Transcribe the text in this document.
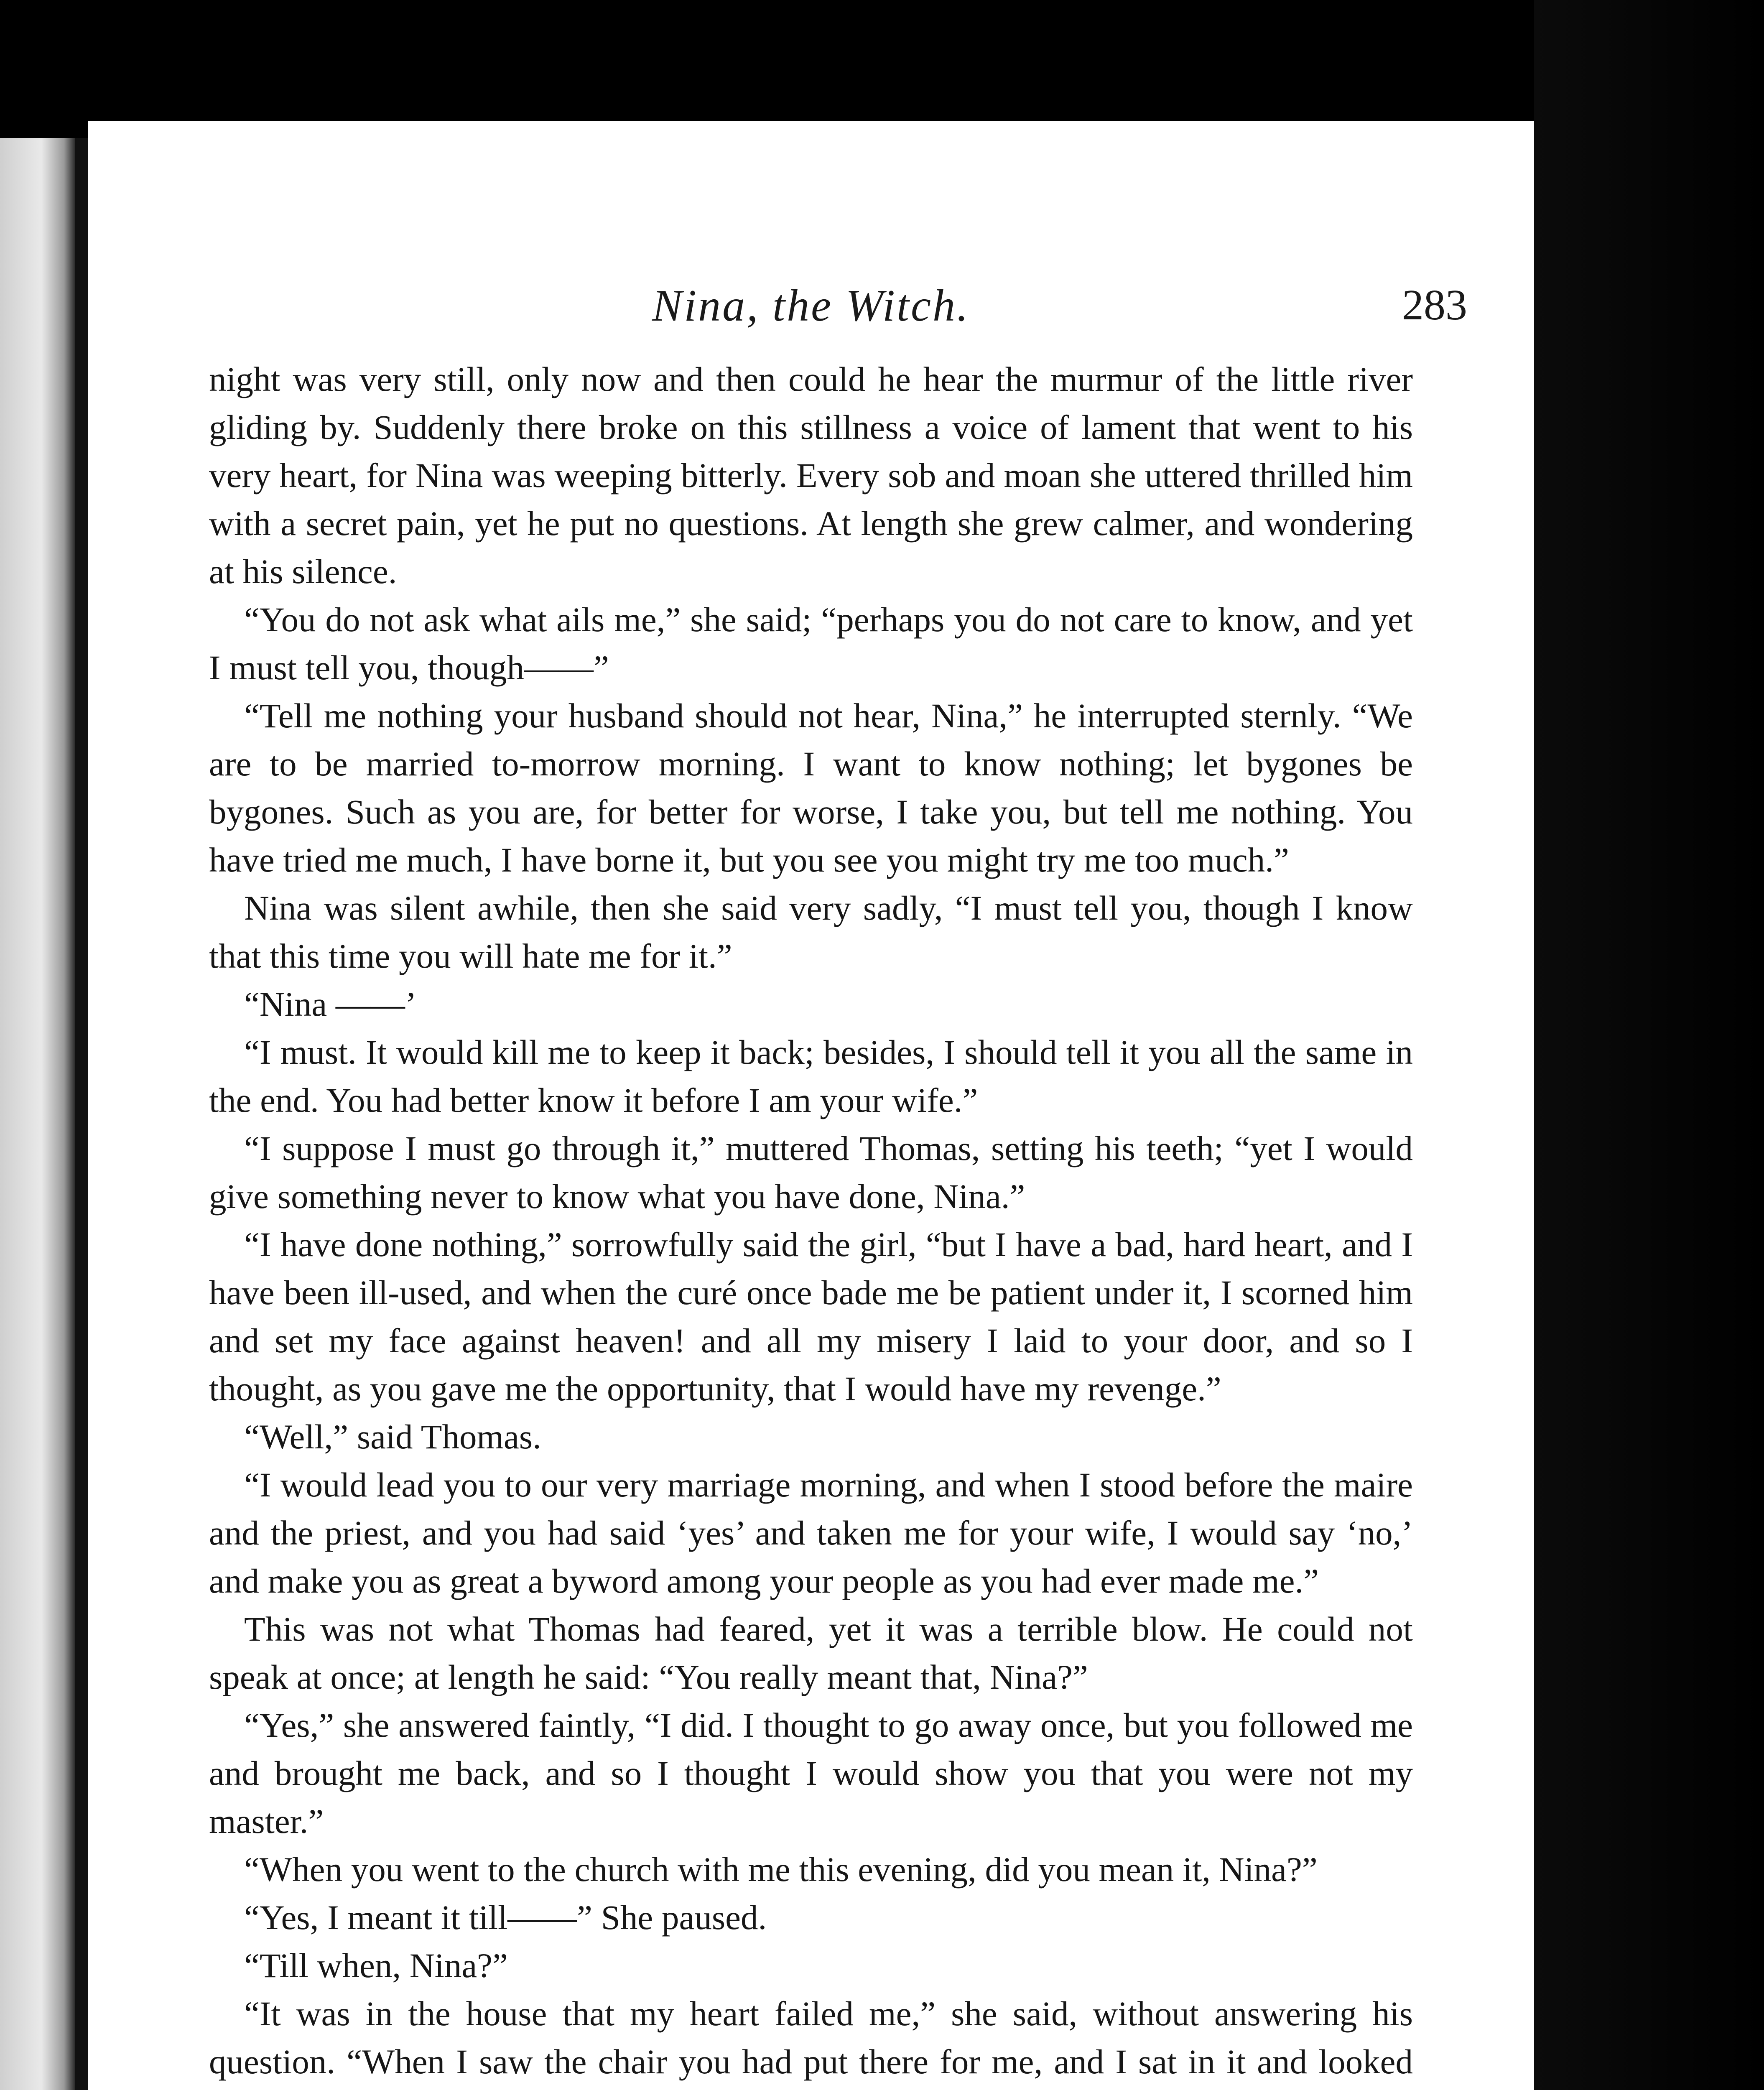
Nina, the Witch.	283

night was very still, only now and then could he hear the murmur of the little river gliding by. Suddenly there broke on this stillness a voice of lament that went to his very heart, for Nina was weeping bitterly. Every sob and moan she uttered thrilled him with a secret pain, yet he put no questions. At length she grew calmer, and wondering at his silence.

“You do not ask what ails me,” she said; “perhaps you do not care to know, and yet I must tell you, though——”

“Tell me nothing your husband should not hear, Nina,” he interrupted sternly. “We are to be married to-morrow morning. I want to know nothing; let bygones be bygones. Such as you are, for better for worse, I take you, but tell me nothing. You have tried me much, I have borne it, but you see you might try me too much.”

Nina was silent awhile, then she said very sadly, “I must tell you, though I know that this time you will hate me for it.”

“Nina ——’

“I must. It would kill me to keep it back; besides, I should tell it you all the same in the end. You had better know it before I am your wife.”

“I suppose I must go through it,” muttered Thomas, setting his teeth; “yet I would give something never to know what you have done, Nina.”

“I have done nothing,” sorrowfully said the girl, “but I have a bad, hard heart, and I have been ill-used, and when the curé once bade me be patient under it, I scorned him and set my face against heaven! and all my misery I laid to your door, and so I thought, as you gave me the opportunity, that I would have my revenge.”

“Well,” said Thomas.

“I would lead you to our very marriage morning, and when I stood before the maire and the priest, and you had said ‘yes’ and taken me for your wife, I would say ‘no,’ and make you as great a byword among your people as you had ever made me.”

This was not what Thomas had feared, yet it was a terrible blow. He could not speak at once; at length he said: “You really meant that, Nina?”

“Yes,” she answered faintly, “I did. I thought to go away once, but you followed me and brought me back, and so I thought I would show you that you were not my master.”

“When you went to the church with me this evening, did you mean it, Nina?”

“Yes, I meant it till——” She paused.

“Till when, Nina?”

“It was in the house that my heart failed me,” she said, without answering his question. “When I saw the chair you had put there for me, and I sat in it and looked
